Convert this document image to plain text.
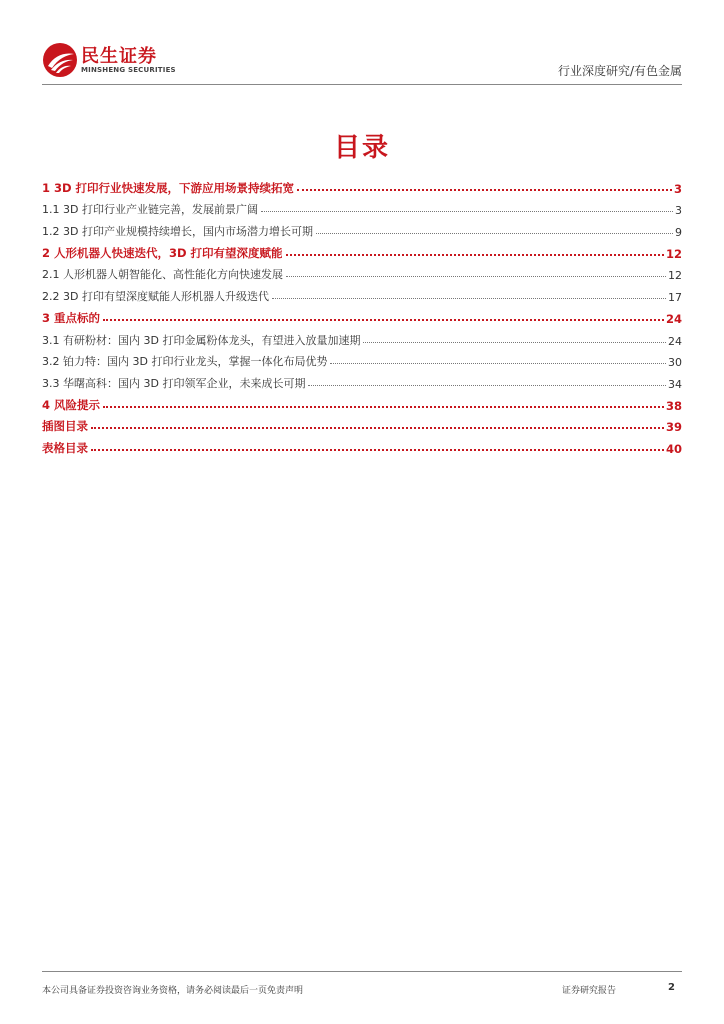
民生证券
MINSHENG SECURITIES	行业深度研究/有色金属
目录
1 3D 打印行业快速发展，下游应用场景持续拓宽	3
1.1 3D 打印行业产业链完善，发展前景广阔	3
1.2 3D 打印产业规模持续增长，国内市场潜力增长可期	9
2 人形机器人快速迭代，3D 打印有望深度赋能	12
2.1 人形机器人朝智能化、高性能化方向快速发展	12
2.2 3D 打印有望深度赋能人形机器人升级迭代	17
3 重点标的	24
3.1 有研粉材：国内 3D 打印金属粉体龙头，有望进入放量加速期	24
3.2 铂力特：国内 3D 打印行业龙头，掌握一体化布局优势	30
3.3 华曙高科：国内 3D 打印领军企业，未来成长可期	34
4 风险提示	38
插图目录	39
表格目录	40
本公司具备证券投资咨询业务资格，请务必阅读最后一页免责声明	证券研究报告	2
